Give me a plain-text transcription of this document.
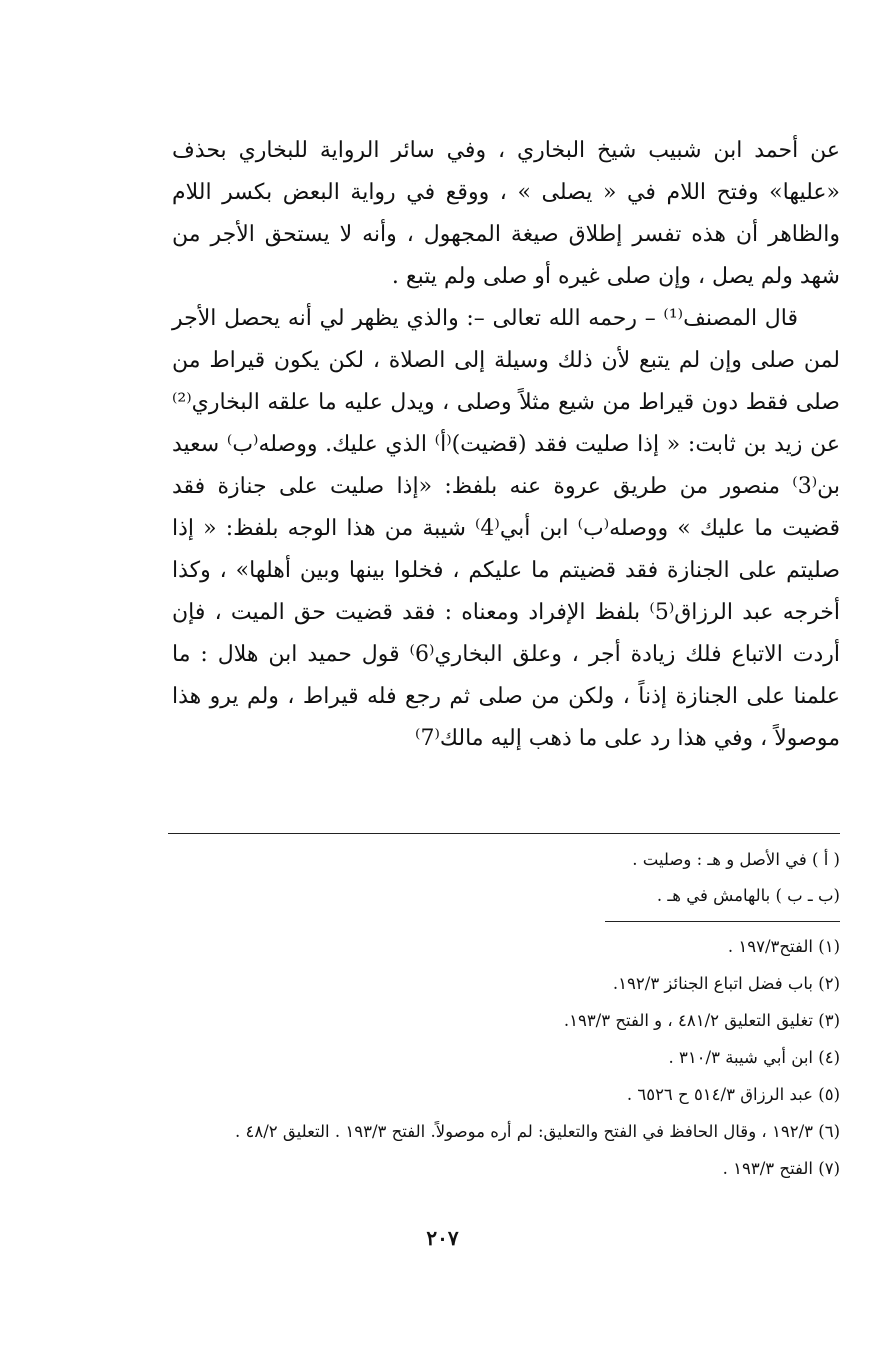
عن أحمد ابن شبيب شيخ البخاري ، وفي سائر الرواية للبخاري بحذف «عليها» وفتح اللام في « يصلى » ، ووقع في رواية البعض بكسر اللام والظاهر أن هذه تفسر إطلاق صيغة المجهول ، وأنه لا يستحق الأجر من شهد ولم يصل ، وإن صلى غيره أو صلى ولم يتبع .

قال المصنف⁽¹⁾ – رحمه الله تعالى –: والذي يظهر لي أنه يحصل الأجر لمن صلى وإن لم يتبع لأن ذلك وسيلة إلى الصلاة ، لكن يكون قيراط من صلى فقط دون قيراط من شيع مثلاً وصلى ، ويدل عليه ما علقه البخاري⁽²⁾ عن زيد بن ثابت: « إذا صليت فقد (قضيت)⁽أ⁾ الذي عليك. ووصله⁽ب⁾ سعيد بن⁽3⁾ منصور من طريق عروة عنه بلفظ: «إذا صليت على جنازة فقد قضيت ما عليك » ووصله⁽ب⁾ ابن أبي⁽4⁾ شيبة من هذا الوجه بلفظ: « إذا صليتم على الجنازة فقد قضيتم ما عليكم ، فخلوا بينها وبين أهلها» ، وكذا أخرجه عبد الرزاق⁽5⁾ بلفظ الإفراد ومعناه : فقد قضيت حق الميت ، فإن أردت الاتباع فلك زيادة أجر ، وعلق البخاري⁽6⁾ قول حميد ابن هلال : ما علمنا على الجنازة إذناً ، ولكن من صلى ثم رجع فله قيراط ، ولم يرو هذا موصولاً ، وفي هذا رد على ما ذهب إليه مالك⁽7⁾

( أ ) في الأصل و هـ : وصليت .
(ب ـ ب ) بالهامش في هـ .
(١) الفتح١٩٧/٣ .
(٢) باب فضل اتباع الجنائز ١٩٢/٣.
(٣) تغليق التعليق ٤٨١/٢ ، و الفتح ١٩٣/٣.
(٤) ابن أبي شيبة ٣١٠/٣ .
(٥) عبد الرزاق ٥١٤/٣ ح ٦٥٢٦ .
(٦) ١٩٢/٣ ، وقال الحافظ في الفتح والتعليق: لم أره موصولاً. الفتح ١٩٣/٣ . التعليق ٤٨/٢ .
(٧) الفتح ١٩٣/٣ .
٢٠٧
